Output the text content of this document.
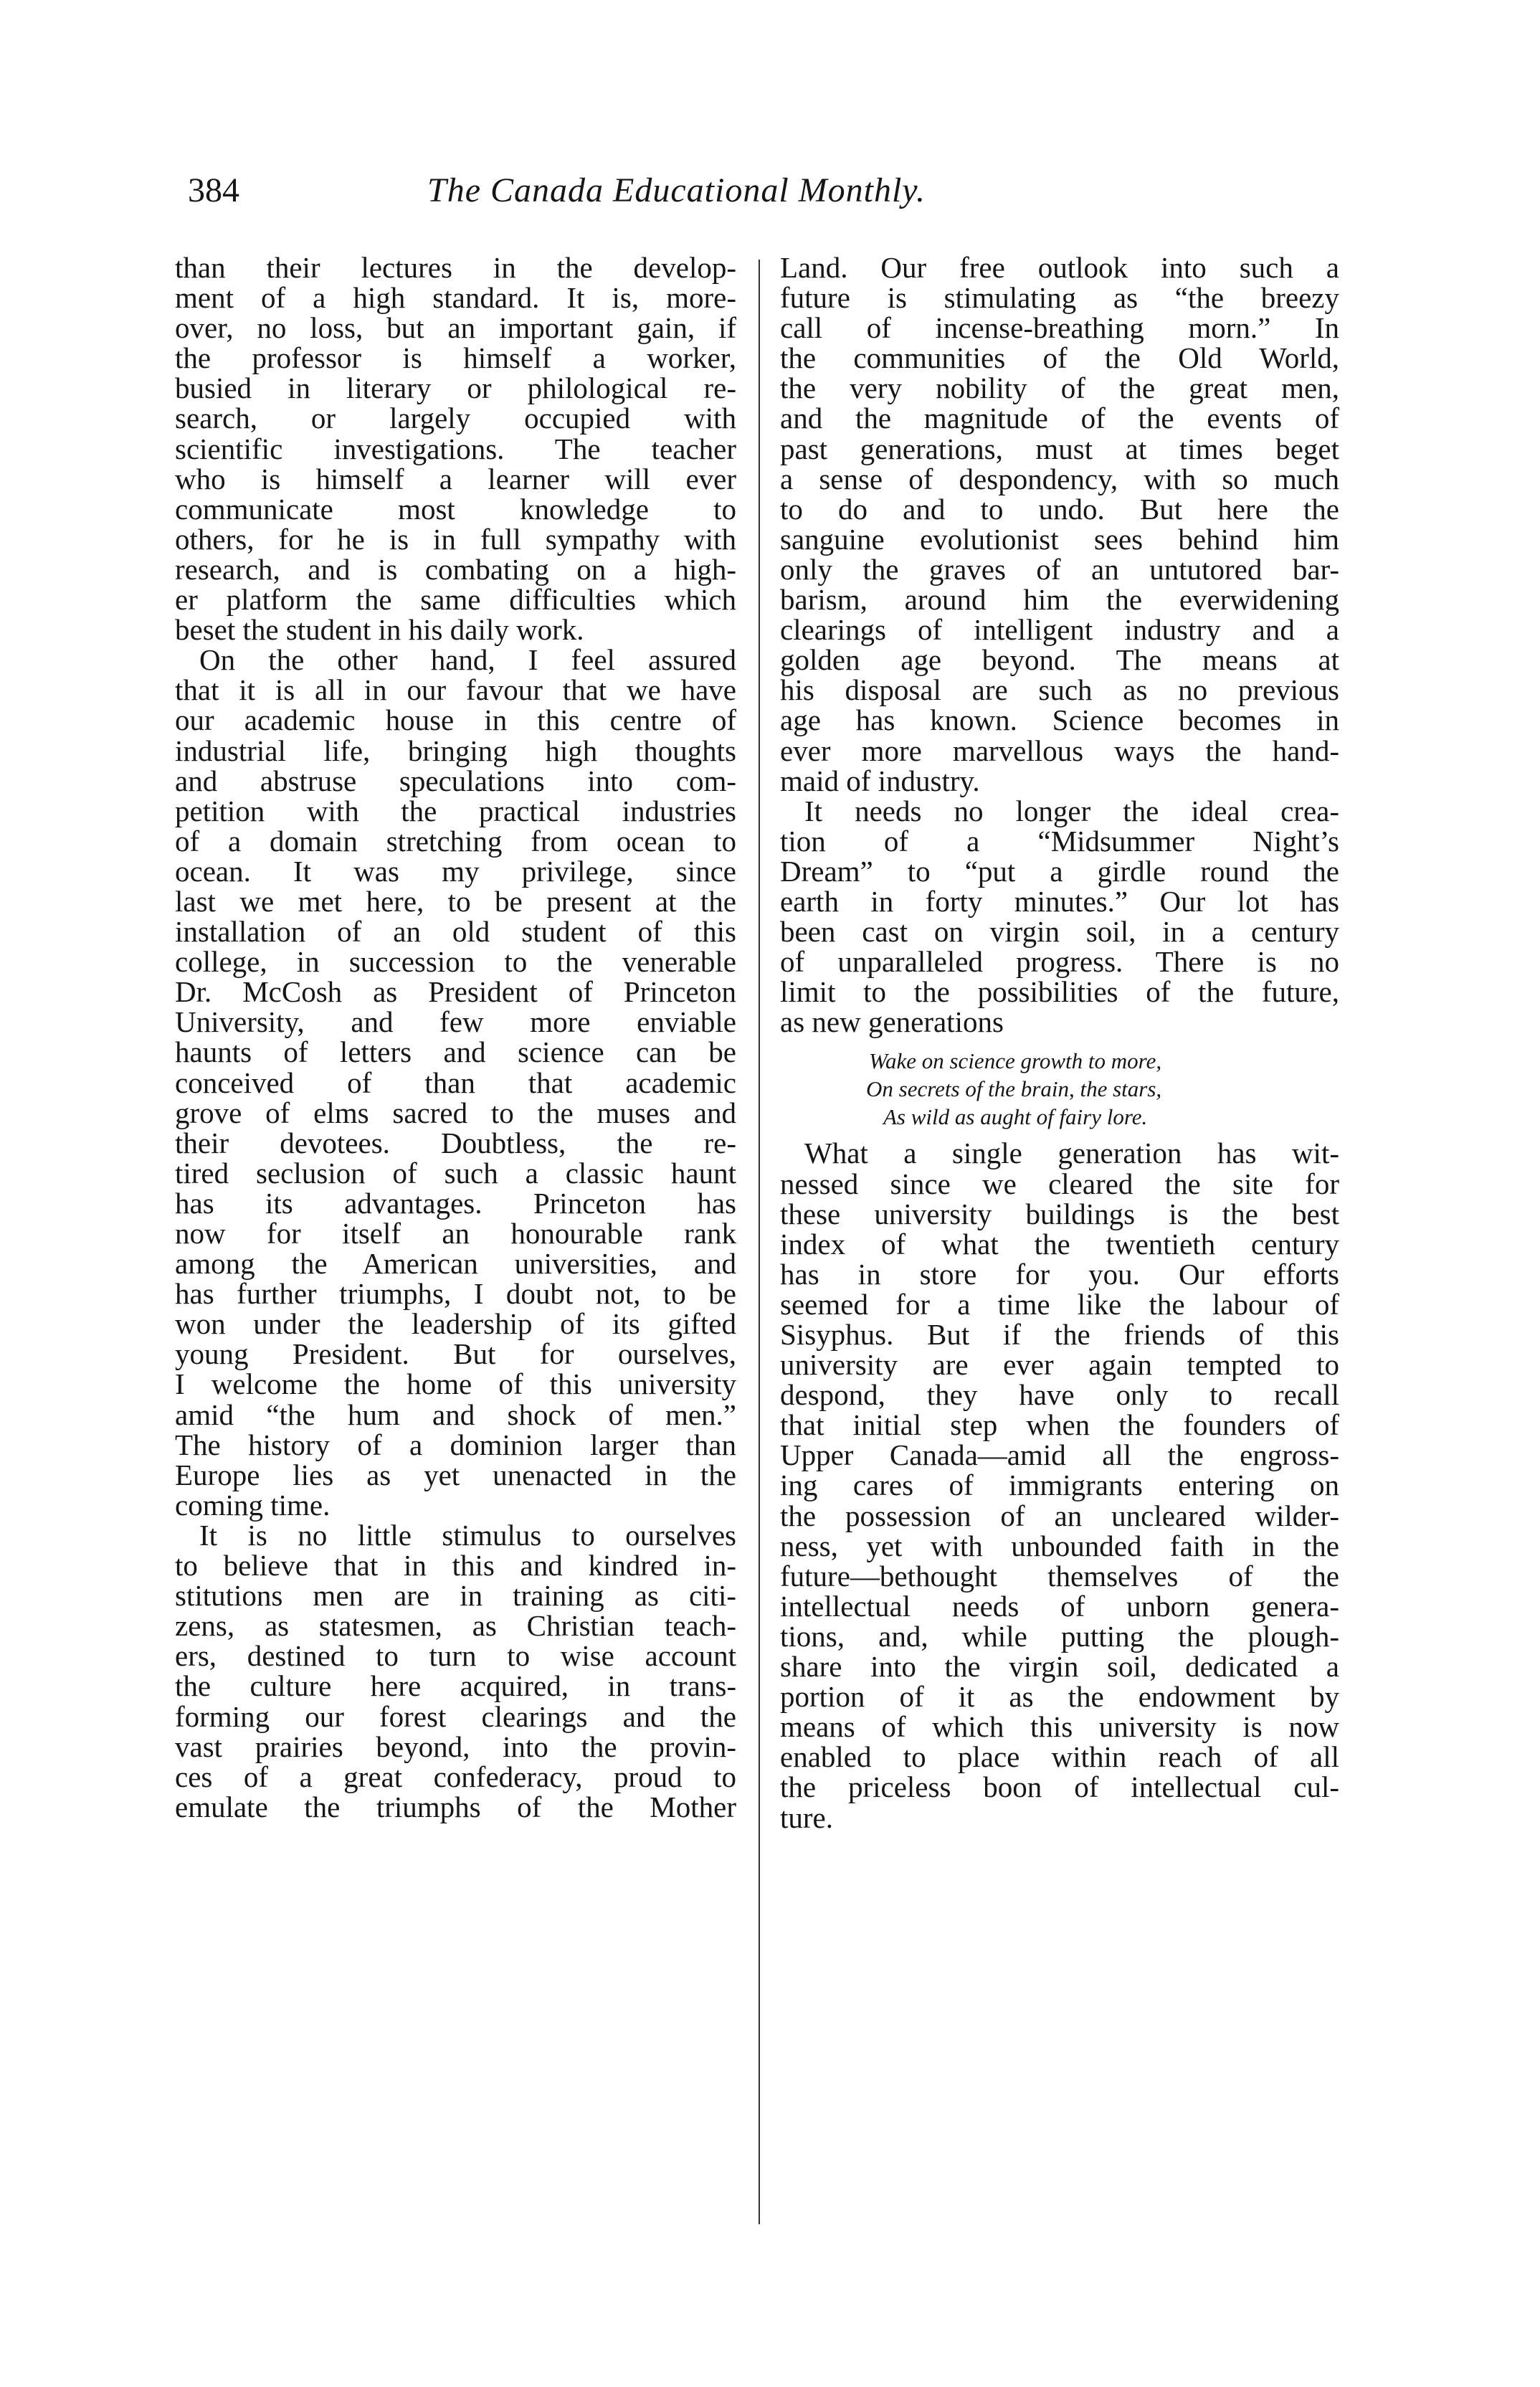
384	The Canada Educational Monthly.
than their lectures in the develop-
ment of a high standard. It is, more-
over, no loss, but an important gain, if
the professor is himself a worker,
busied in literary or philological re-
search, or largely occupied with
scientific investigations. The teacher
who is himself a learner will ever
communicate most knowledge to
others, for he is in full sympathy with
research, and is combating on a high-
er platform the same difficulties which
beset the student in his daily work.
On the other hand, I feel assured
that it is all in our favour that we have
our academic house in this centre of
industrial life, bringing high thoughts
and abstruse speculations into com-
petition with the practical industries
of a domain stretching from ocean to
ocean. It was my privilege, since
last we met here, to be present at the
installation of an old student of this
college, in succession to the venerable
Dr. McCosh as President of Princeton
University, and few more enviable
haunts of letters and science can be
conceived of than that academic
grove of elms sacred to the muses and
their devotees. Doubtless, the re-
tired seclusion of such a classic haunt
has its advantages. Princeton has
now for itself an honourable rank
among the American universities, and
has further triumphs, I doubt not, to be
won under the leadership of its gifted
young President. But for ourselves,
I welcome the home of this university
amid “the hum and shock of men.”
The history of a dominion larger than
Europe lies as yet unenacted in the
coming time.
It is no little stimulus to ourselves
to believe that in this and kindred in-
stitutions men are in training as citi-
zens, as statesmen, as Christian teach-
ers, destined to turn to wise account
the culture here acquired, in trans-
forming our forest clearings and the
vast prairies beyond, into the provin-
ces of a great confederacy, proud to
emulate the triumphs of the Mother
Land. Our free outlook into such a
future is stimulating as “the breezy
call of incense-breathing morn.” In
the communities of the Old World,
the very nobility of the great men,
and the magnitude of the events of
past generations, must at times beget
a sense of despondency, with so much
to do and to undo. But here the
sanguine evolutionist sees behind him
only the graves of an untutored bar-
barism, around him the everwidening
clearings of intelligent industry and a
golden age beyond. The means at
his disposal are such as no previous
age has known. Science becomes in
ever more marvellous ways the hand-
maid of industry.
It needs no longer the ideal crea-
tion of a “Midsummer Night’s
Dream” to “put a girdle round the
earth in forty minutes.” Our lot has
been cast on virgin soil, in a century
of unparalleled progress. There is no
limit to the possibilities of the future,
as new generations
Wake on science growth to more,
On secrets of the brain, the stars,
As wild as aught of fairy lore.
What a single generation has wit-
nessed since we cleared the site for
these university buildings is the best
index of what the twentieth century
has in store for you. Our efforts
seemed for a time like the labour of
Sisyphus. But if the friends of this
university are ever again tempted to
despond, they have only to recall
that initial step when the founders of
Upper Canada—amid all the engross-
ing cares of immigrants entering on
the possession of an uncleared wilder-
ness, yet with unbounded faith in the
future—bethought themselves of the
intellectual needs of unborn genera-
tions, and, while putting the plough-
share into the virgin soil, dedicated a
portion of it as the endowment by
means of which this university is now
enabled to place within reach of all
the priceless boon of intellectual cul-
ture.
